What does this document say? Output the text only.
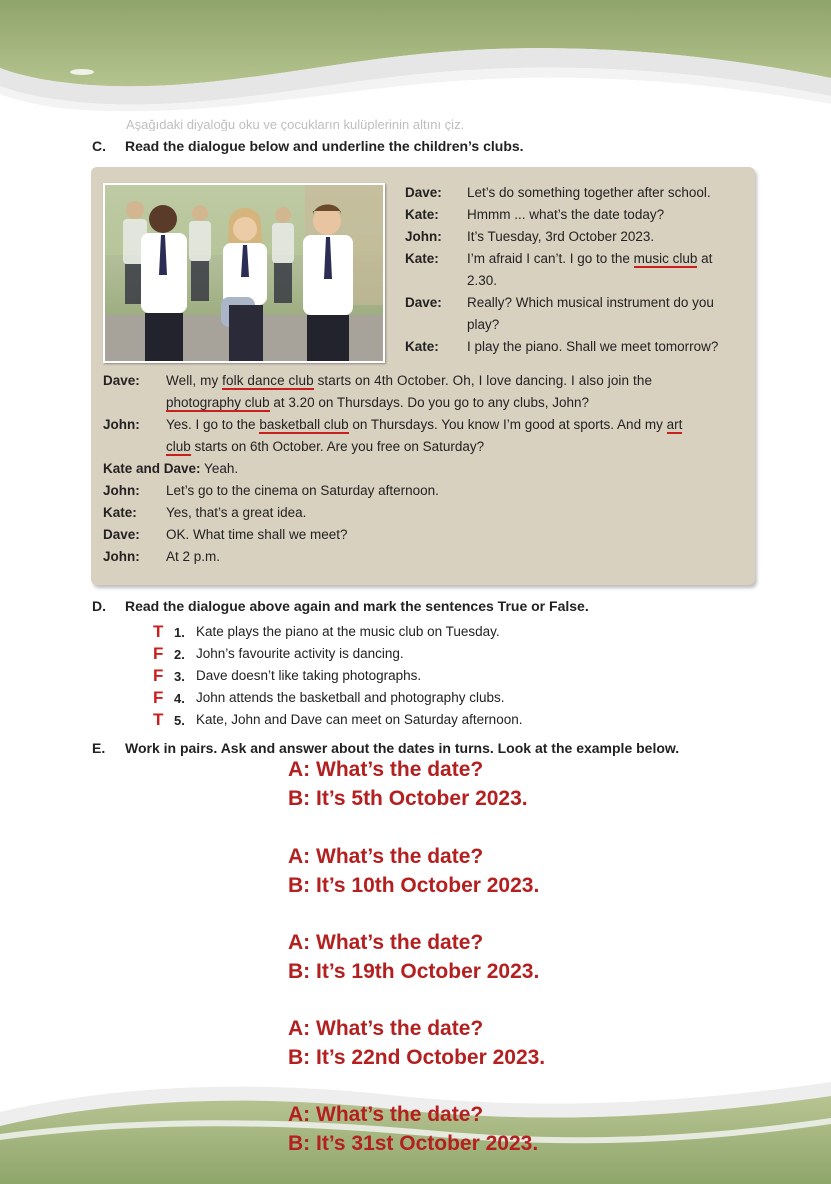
Aşağıdaki diyaloğu oku ve çocukların kulüplerinin altını çiz.
C. Read the dialogue below and underline the children’s clubs.
Dave: Let’s do something together after school.
Kate: Hmmm ... what’s the date today?
John: It’s Tuesday, 3rd October 2023.
Kate: I’m afraid I can’t. I go to the music club at
2.30.
Dave: Really? Which musical instrument do you
play?
Kate: I play the piano. Shall we meet tomorrow?
Dave: Well, my folk dance club starts on 4th October. Oh, I love dancing. I also join the
photography club at 3.20 on Thursdays. Do you go to any clubs, John?
John: Yes. I go to the basketball club on Thursdays. You know I’m good at sports. And my art
club starts on 6th October. Are you free on Saturday?
Kate and Dave: Yeah.
John: Let’s go to the cinema on Saturday afternoon.
Kate: Yes, that’s a great idea.
Dave: OK. What time shall we meet?
John: At 2 p.m.
D. Read the dialogue above again and mark the sentences True or False.
T 1. Kate plays the piano at the music club on Tuesday.
F 2. John’s favourite activity is dancing.
F 3. Dave doesn’t like taking photographs.
F 4. John attends the basketball and photography clubs.
T 5. Kate, John and Dave can meet on Saturday afternoon.
E. Work in pairs. Ask and answer about the dates in turns. Look at the example below.
A: What’s the date?
B: It’s 5th October 2023.
A: What’s the date?
B: It’s 10th October 2023.
A: What’s the date?
B: It’s 19th October 2023.
A: What’s the date?
B: It’s 22nd October 2023.
A: What’s the date?
B: It’s 31st October 2023.
